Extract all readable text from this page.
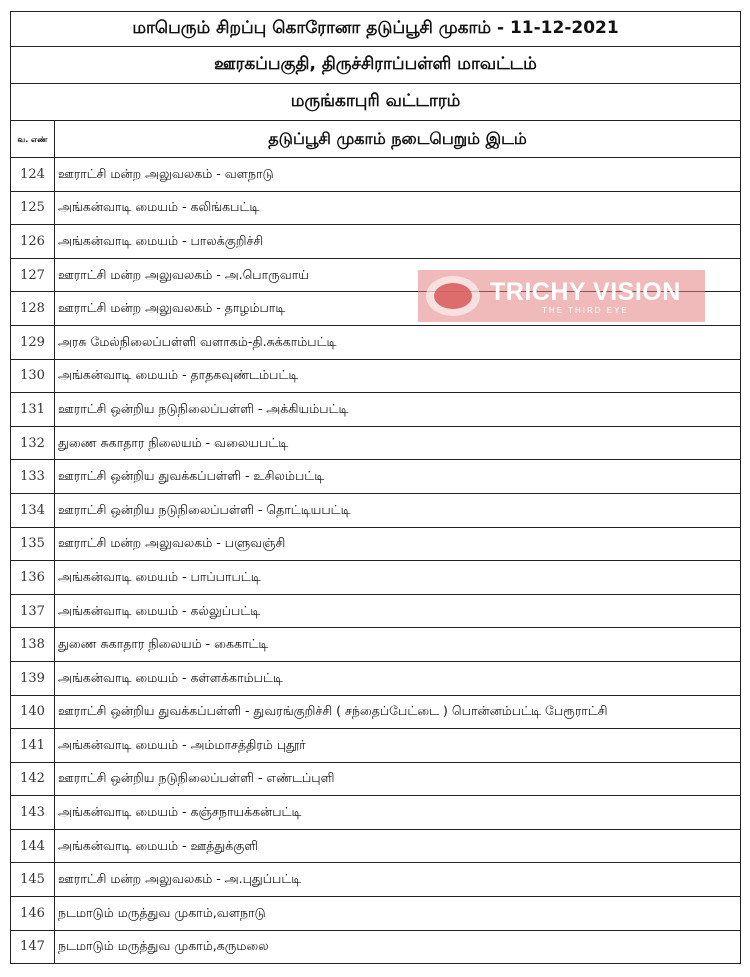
மாபெரும் சிறப்பு கொரோனா தடுப்பூசி முகாம் - 11-12-2021	
ஊரகப்பகுதி, திருச்சிராப்பள்ளி மாவட்டம்	
மருங்காபுரி வட்டாரம்	
வ. எண்	தடுப்பூசி முகாம் நடைபெறும் இடம்
124	ஊராட்சி மன்ற அலுவலகம் - வளநாடு
125	அங்கன்வாடி மையம் - கலிங்கபட்டி
126	அங்கன்வாடி மையம் - பாலக்குறிச்சி
127	ஊராட்சி மன்ற அலுவலகம் - அ.பொருவாய்
128	ஊராட்சி மன்ற அலுவலகம் - தாழம்பாடி
129	அரசு மேல்நிலைப்பள்ளி வளாகம்-தி.சுக்காம்பட்டி
130	அங்கன்வாடி மையம் - தாதகவுண்டம்பட்டி
131	ஊராட்சி ஒன்றிய நடுநிலைப்பள்ளி - அக்கியம்பட்டி
132	துணை சுகாதார நிலையம் - வலையபட்டி
133	ஊராட்சி ஒன்றிய துவக்கப்பள்ளி - உசிலம்பட்டி
134	ஊராட்சி ஒன்றிய நடுநிலைப்பள்ளி - தொட்டியபட்டி
135	ஊராட்சி மன்ற அலுவலகம் - பளுவஞ்சி
136	அங்கன்வாடி மையம் - பாப்பாபட்டி
137	அங்கன்வாடி மையம் - கல்லுப்பட்டி
138	துணை சுகாதார நிலையம் - கைகாட்டி
139	அங்கன்வாடி மையம் - கள்ளக்காம்பட்டி
140	ஊராட்சி ஒன்றிய துவக்கப்பள்ளி - துவரங்குறிச்சி ( சந்தைப்பேட்டை ) பொன்னம்பட்டி பேரூராட்சி
141	அங்கன்வாடி மையம் - அம்மாசத்திரம் புதூர்
142	ஊராட்சி ஒன்றிய நடுநிலைப்பள்ளி - எண்டப்புளி
143	அங்கன்வாடி மையம் - கஞ்சநாயக்கன்பட்டி
144	அங்கன்வாடி மையம் - ஊத்துக்குளி
145	ஊராட்சி மன்ற அலுவலகம் - அ.புதுப்பட்டி
146	நடமாடும் மருத்துவ முகாம்,வளநாடு
147	நடமாடும் மருத்துவ முகாம்,கருமலை
TRICHY VISION
THE THIRD EYE
